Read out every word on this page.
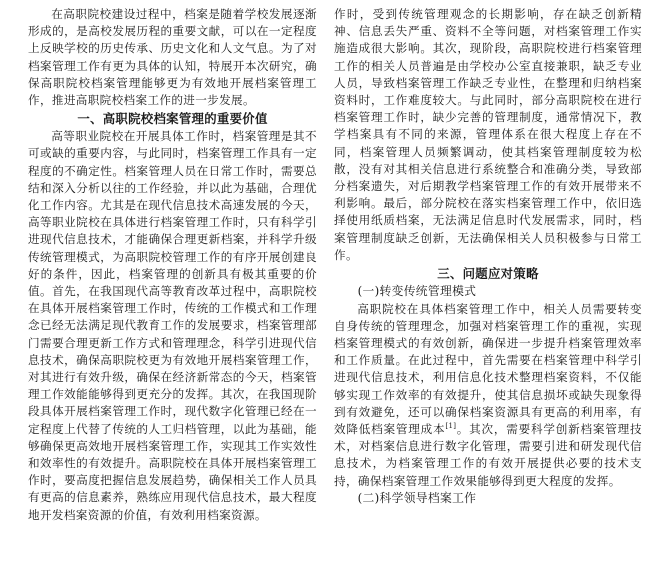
在高职院校建设过程中，档案是随着学校发展逐渐形成的，是高校发展历程的重要文献，可以在一定程度上反映学校的历史传承、历史文化和人文气息。为了对档案管理工作有更为具体的认知，特展开本次研究，确保高职院校档案管理能够更为有效地开展档案管理工作，推进高职院校档案工作的进一步发展。

一、高职院校档案管理的重要价值

高等职业院校在开展具体工作时，档案管理是其不可或缺的重要内容，与此同时，档案管理工作具有一定程度的不确定性。档案管理人员在日常工作时，需要总结和深入分析以往的工作经验，并以此为基础，合理优化工作内容。尤其是在现代信息技术高速发展的今天，高等职业院校在具体进行档案管理工作时，只有科学引进现代信息技术，才能确保合理更新档案，并科学升级传统管理模式，为高职院校管理工作的有序开展创建良好的条件，因此，档案管理的创新具有极其重要的价值。首先，在我国现代高等教育改革过程中，高职院校在具体开展档案管理工作时，传统的工作模式和工作理念已经无法满足现代教育工作的发展要求，档案管理部门需要合理更新工作方式和管理理念，科学引进现代信息技术，确保高职院校更为有效地开展档案管理工作，对其进行有效升级，确保在经济新常态的今天，档案管理工作效能能够得到更充分的发挥。其次，在我国现阶段具体开展档案管理工作时，现代数字化管理已经在一定程度上代替了传统的人工归档管理，以此为基础，能够确保更高效地开展档案管理工作，实现其工作实效性和效率性的有效提升。高职院校在具体开展档案管理工作时，要高度把握信息发展趋势，确保相关工作人员具有更高的信息素养，熟练应用现代信息技术，最大程度地开发档案资源的价值，有效利用档案资源。

作时，受到传统管理观念的长期影响，存在缺乏创新精神、信息丢失严重、资料不全等问题，对档案管理工作实施造成很大影响。其次，现阶段，高职院校进行档案管理工作的相关人员普遍是由学校办公室直接兼职，缺乏专业人员，导致档案管理工作缺乏专业性，在整理和归纳档案资料时，工作难度较大。与此同时，部分高职院校在进行档案管理工作时，缺少完善的管理制度，通常情况下，教学档案具有不同的来源，管理体系在很大程度上存在不同，档案管理人员频繁调动，使其档案管理制度较为松散，没有对其相关信息进行系统整合和准确分类，导致部分档案遗失，对后期教学档案管理工作的有效开展带来不利影响。最后，部分院校在落实档案管理工作中，依旧选择使用纸质档案，无法满足信息时代发展需求，同时，档案管理制度缺乏创新，无法确保相关人员积极参与日常工作。

三、问题应对策略
(一)转变传统管理模式

高职院校在具体档案管理工作中，相关人员需要转变自身传统的管理理念，加强对档案管理工作的重视，实现档案管理模式的有效创新，确保进一步提升档案管理效率和工作质量。在此过程中，首先需要在档案管理中科学引进现代信息技术，利用信息化技术整理档案资料，不仅能够实现工作效率的有效提升，使其信息损坏或缺失现象得到有效避免，还可以确保档案资源具有更高的利用率，有效降低档案管理成本[1]。其次，需要科学创新档案管理技术，对档案信息进行数字化管理，需要引进和研发现代信息技术，为档案管理工作的有效开展提供必要的技术支持，确保档案管理工作效果能够得到更大程度的发挥。

(二)科学领导档案工作
